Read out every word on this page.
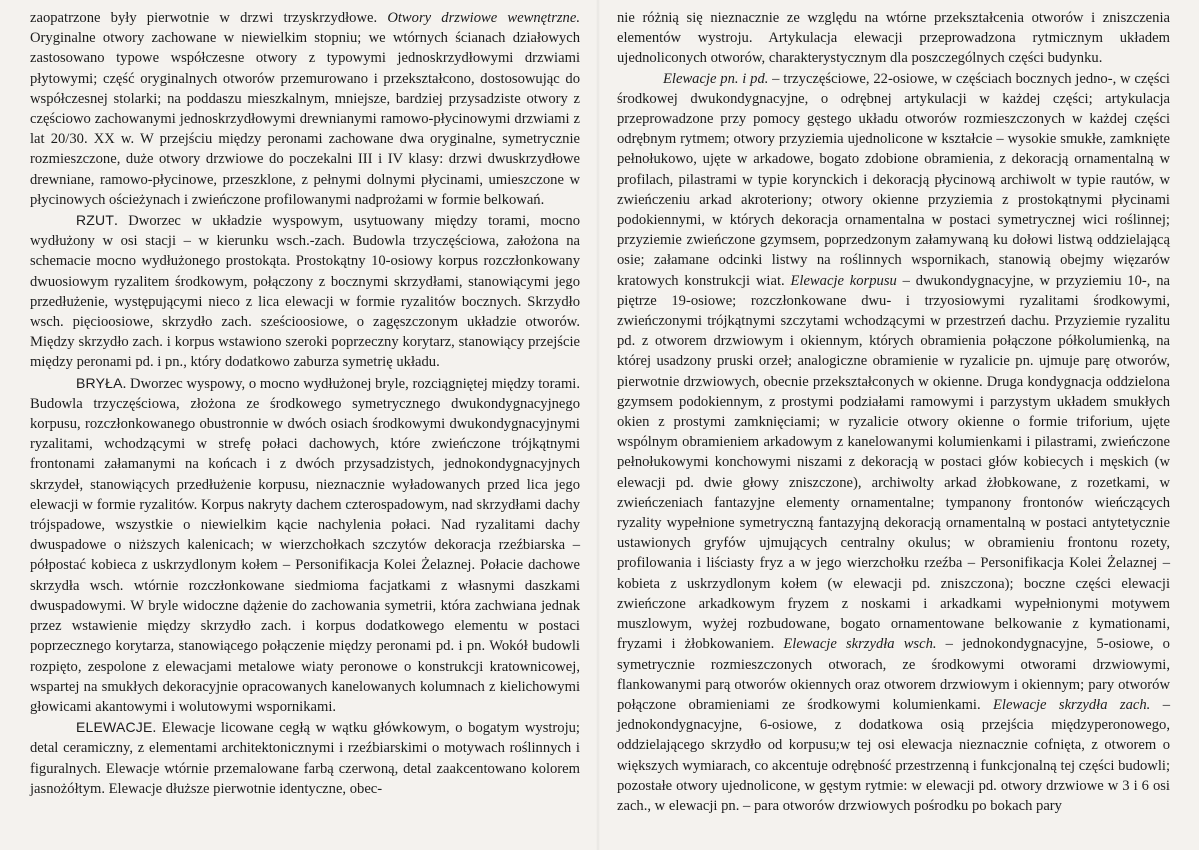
zaopatrzone były pierwotnie w drzwi trzyskrzydłowe. Otwory drzwiowe wewnętrzne. Oryginalne otwory zachowane w niewielkim stopniu; we wtórnych ścianach działowych zastosowano typowe współczesne otwory z typowymi jednoskrzydłowymi drzwiami płytowymi; część oryginalnych otworów przemurowano i przekształcono, dostosowując do współczesnej stolarki; na poddaszu mieszkalnym, mniejsze, bardziej przysadziste otwory z częściowo zachowanymi jednoskrzydłowymi drewnianymi ramowo-płycinowymi drzwiami z lat 20/30. XX w. W przejściu między peronami zachowane dwa oryginalne, symetrycznie rozmieszczone, duże otwory drzwiowe do poczekalni III i IV klasy: drzwi dwuskrzydłowe drewniane, ramowo-płycinowe, przeszklone, z pełnymi dolnymi płycinami, umieszczone w płycinowych ościeżynach i zwieńczone profilowanymi nadprożami w formie belkowań.

RZUT. Dworzec w układzie wyspowym, usytuowany między torami, mocno wydłużony w osi stacji – w kierunku wsch.-zach. Budowla trzyczęściowa, założona na schemacie mocno wydłużonego prostokąta. Prostokątny 10-osiowy korpus rozczłonkowany dwuosiowym ryzalitem środkowym, połączony z bocznymi skrzydłami, stanowiącymi jego przedłużenie, występującymi nieco z lica elewacji w formie ryzalitów bocznych. Skrzydło wsch. pięcioosiowe, skrzydło zach. sześcioosiowe, o zagęszczonym układzie otworów. Między skrzydło zach. i korpus wstawiono szeroki poprzeczny korytarz, stanowiący przejście między peronami pd. i pn., który dodatkowo zaburza symetrię układu.

BRYŁA. Dworzec wyspowy, o mocno wydłużonej bryle, rozciągniętej między torami. Budowla trzyczęściowa, złożona ze środkowego symetrycznego dwukondygnacyjnego korpusu, rozczłonkowanego obustronnie w dwóch osiach środkowymi dwukondygnacyjnymi ryzalitami, wchodzącymi w strefę połaci dachowych, które zwieńczone trójkątnymi frontonami załamanymi na końcach i z dwóch przysadzistych, jednokondygnacyjnych skrzydeł, stanowiących przedłużenie korpusu, nieznacznie wyładowanych przed lica jego elewacji w formie ryzalitów. Korpus nakryty dachem czterospadowym, nad skrzydłami dachy trójspadowe, wszystkie o niewielkim kącie nachylenia połaci. Nad ryzalitami dachy dwuspadowe o niższych kalenicach; w wierzchołkach szczytów dekoracja rzeźbiarska – półpostać kobieca z uskrzydlonym kołem – Personifikacja Kolei Żelaznej. Połacie dachowe skrzydła wsch. wtórnie rozczłonkowane siedmioma facjatkami z własnymi daszkami dwuspadowymi. W bryle widoczne dążenie do zachowania symetrii, która zachwiana jednak przez wstawienie między skrzydło zach. i korpus dodatkowego elementu w postaci poprzecznego korytarza, stanowiącego połączenie między peronami pd. i pn. Wokół budowli rozpięto, zespolone z elewacjami metalowe wiaty peronowe o konstrukcji kratownicowej, wspartej na smukłych dekoracyjnie opracowanych kanelowanych kolumnach z kielichowymi głowicami akantowymi i wolutowymi wspornikami.

ELEWACJE. Elewacje licowane cegłą w wątku główkowym, o bogatym wystroju; detal ceramiczny, z elementami architektonicznymi i rzeźbiarskimi o motywach roślinnych i figuralnych. Elewacje wtórnie przemalowane farbą czerwoną, detal zaakcentowano kolorem jasnożółtym. Elewacje dłuższe pierwotnie identyczne, obec-

nie różnią się nieznacznie ze względu na wtórne przekształcenia otworów i zniszczenia elementów wystroju. Artykulacja elewacji przeprowadzona rytmicznym układem ujednoliconych otworów, charakterystycznym dla poszczególnych części budynku.

Elewacje pn. i pd. – trzyczęściowe, 22-osiowe, w częściach bocznych jedno-, w części środkowej dwukondygnacyjne, o odrębnej artykulacji w każdej części; artykulacja przeprowadzone przy pomocy gęstego układu otworów rozmieszczonych w każdej części odrębnym rytmem; otwory przyziemia ujednolicone w kształcie – wysokie smukłe, zamknięte pełnołukowo, ujęte w arkadowe, bogato zdobione obramienia, z dekoracją ornamentalną w profilach, pilastrami w typie korynckich i dekoracją płycinową archiwolt w typie rautów, w zwieńczeniu arkad akroteriony; otwory okienne przyziemia z prostokątnymi płycinami podokiennymi, w których dekoracja ornamentalna w postaci symetrycznej wici roślinnej; przyziemie zwieńczone gzymsem, poprzedzonym załamywaną ku dołowi listwą oddzielającą osie; załamane odcinki listwy na roślinnych wspornikach, stanowią obejmy więzarów kratowych konstrukcji wiat. Elewacje korpusu – dwukondygnacyjne, w przyziemiu 10-, na piętrze 19-osiowe; rozczłonkowane dwu- i trzyosiowymi ryzalitami środkowymi, zwieńczonymi trójkątnymi szczytami wchodzącymi w przestrzeń dachu. Przyziemie ryzalitu pd. z otworem drzwiowym i okiennym, których obramienia połączone półkolumienką, na której usadzony pruski orzeł; analogiczne obramienie w ryzalicie pn. ujmuje parę otworów, pierwotnie drzwiowych, obecnie przekształconych w okienne. Druga kondygnacja oddzielona gzymsem podokiennym, z prostymi podziałami ramowymi i parzystym układem smukłych okien z prostymi zamknięciami; w ryzalicie otwory okienne o formie triforium, ujęte wspólnym obramieniem arkadowym z kanelowanymi kolumienkami i pilastrami, zwieńczone pełnołukowymi konchowymi niszami z dekoracją w postaci głów kobiecych i męskich (w elewacji pd. dwie głowy zniszczone), archiwolty arkad żłobkowane, z rozetkami, w zwieńczeniach fantazyjne elementy ornamentalne; tympanony frontonów wieńczących ryzality wypełnione symetryczną fantazyjną dekoracją ornamentalną w postaci antytetycznie ustawionych gryfów ujmujących centralny okulus; w obramieniu frontonu rozety, profilowania i liściasty fryz a w jego wierzchołku rzeźba – Personifikacja Kolei Żelaznej – kobieta z uskrzydlonym kołem (w elewacji pd. zniszczona); boczne części elewacji zwieńczone arkadkowym fryzem z noskami i arkadkami wypełnionymi motywem muszlowym, wyżej rozbudowane, bogato ornamentowane belkowanie z kymationami, fryzami i żłobkowaniem. Elewacje skrzydła wsch. – jednokondygnacyjne, 5-osiowe, o symetrycznie rozmieszczonych otworach, ze środkowymi otworami drzwiowymi, flankowanymi parą otworów okiennych oraz otworem drzwiowym i okiennym; pary otworów połączone obramieniami ze środkowymi kolumienkami. Elewacje skrzydła zach. – jednokondygnacyjne, 6-osiowe, z dodatkowa osią przejścia międzyperonowego, oddzielającego skrzydło od korpusu;w tej osi elewacja nieznacznie cofnięta, z otworem o większych wymiarach, co akcentuje odrębność przestrzenną i funkcjonalną tej części budowli; pozostałe otwory ujednolicone, w gęstym rytmie: w elewacji pd. otwory drzwiowe w 3 i 6 osi zach., w elewacji pn. – para otworów drzwiowych pośrodku po bokach pary
